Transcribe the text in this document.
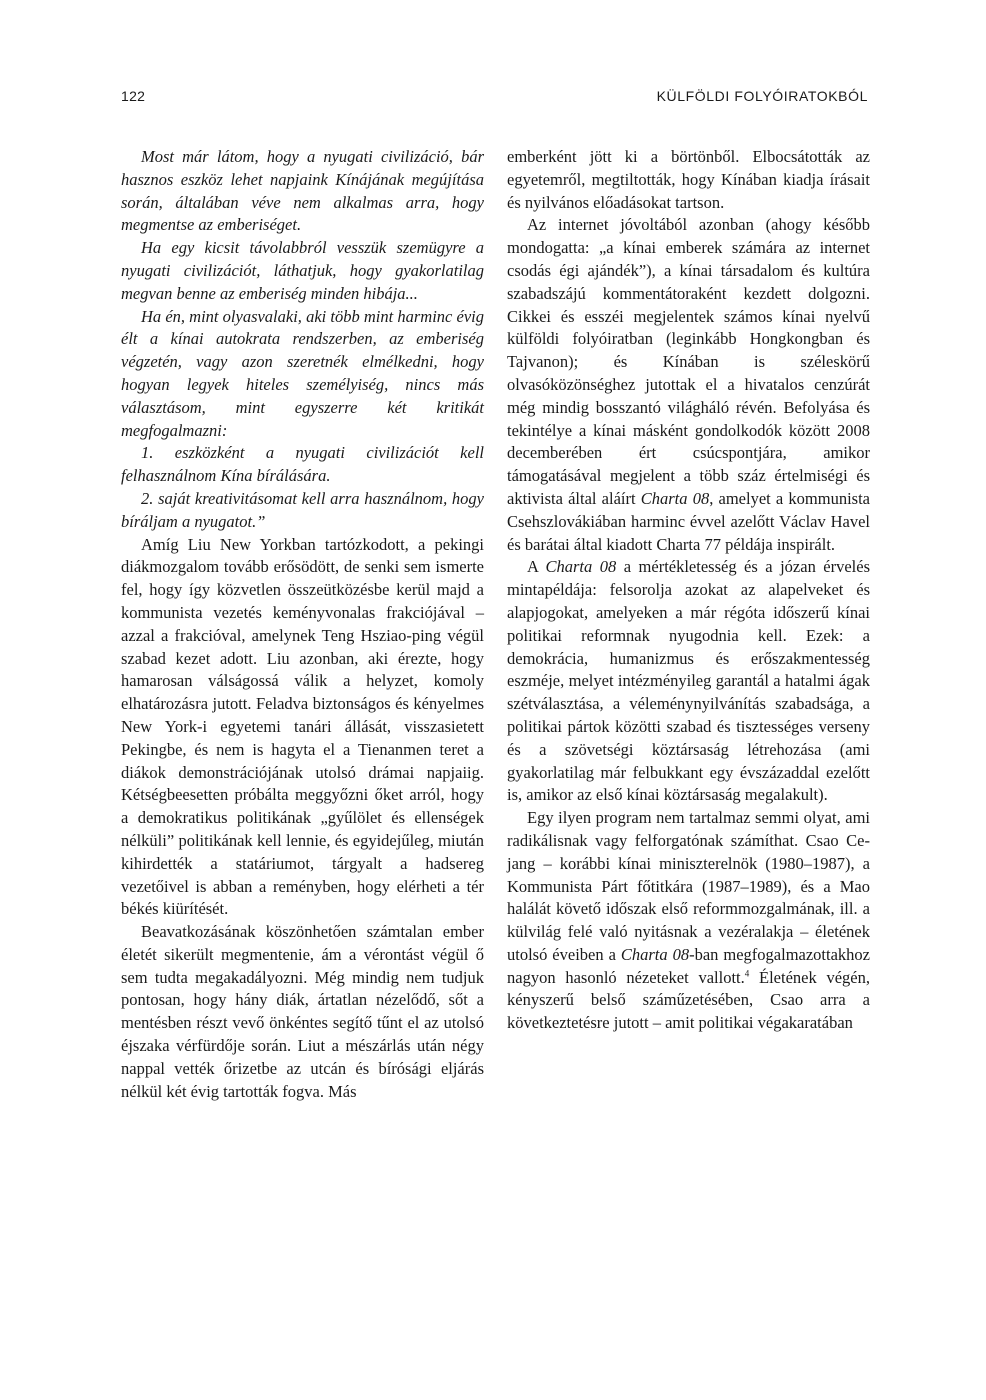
122	KÜLFÖLDI FOLYÓIRATOKBÓL

Most már látom, hogy a nyugati civilizáció, bár hasznos eszköz lehet napjaink Kínájának megújítása során, általában véve nem alkalmas arra, hogy megmentse az emberiséget.

Ha egy kicsit távolabbról vesszük szemügyre a nyugati civilizációt, láthatjuk, hogy gyakorlatilag megvan benne az emberiség minden hibája...

Ha én, mint olyasvalaki, aki több mint harminc évig élt a kínai autokrata rendszerben, az emberiség végzetén, vagy azon szeretnék elmélkedni, hogy hogyan legyek hiteles személyiség, nincs más választásom, mint egyszerre két kritikát megfogalmazni:

1. eszközként a nyugati civilizációt kell felhasználnom Kína bírálására.

2. saját kreativitásomat kell arra használnom, hogy bíráljam a nyugatot.”

Amíg Liu New Yorkban tartózkodott, a pekingi diákmozgalom tovább erősödött, de senki sem ismerte fel, hogy így közvetlen összeütközésbe kerül majd a kommunista vezetés keményvonalas frakciójával – azzal a frakcióval, amelynek Teng Hsziao-ping végül szabad kezet adott. Liu azonban, aki érezte, hogy hamarosan válságossá válik a helyzet, komoly elhatározásra jutott. Feladva biztonságos és kényelmes New York-i egyetemi tanári állását, visszasietett Pekingbe, és nem is hagyta el a Tienanmen teret a diákok demonstrációjának utolsó drámai napjaiig. Kétségbeesetten próbálta meggyőzni őket arról, hogy a demokratikus politikának „gyűlölet és ellenségek nélküli” politikának kell lennie, és egyidejűleg, miután kihirdették a statáriumot, tárgyalt a hadsereg vezetőivel is abban a reményben, hogy elérheti a tér békés kiürítését.

Beavatkozásának köszönhetően számtalan ember életét sikerült megmentenie, ám a vérontást végül ő sem tudta megakadályozni. Még mindig nem tudjuk pontosan, hogy hány diák, ártatlan nézelődő, sőt a mentésben részt vevő önkéntes segítő tűnt el az utolsó éjszaka vérfürdője során. Liut a mészárlás után négy nappal vették őrizetbe az utcán és bírósági eljárás nélkül két évig tartották fogva. Más

emberként jött ki a börtönből. Elbocsátották az egyetemről, megtiltották, hogy Kínában kiadja írásait és nyilvános előadásokat tartson.

Az internet jóvoltából azonban (ahogy később mondogatta: „a kínai emberek számára az internet csodás égi ajándék”), a kínai társadalom és kultúra szabadszájú kommentátoraként kezdett dolgozni. Cikkei és esszéi megjelentek számos kínai nyelvű külföldi folyóiratban (leginkább Hongkongban és Tajvanon); és Kínában is széleskörű olvasóközönséghez jutottak el a hivatalos cenzúrát még mindig bosszantó világháló révén. Befolyása és tekintélye a kínai másként gondolkodók között 2008 decemberében ért csúcspontjára, amikor támogatásával megjelent a több száz értelmiségi és aktivista által aláírt Charta 08, amelyet a kommunista Csehszlovákiában harminc évvel azelőtt Václav Havel és barátai által kiadott Charta 77 példája inspirált.

A Charta 08 a mértékletesség és a józan érvelés mintapéldája: felsorolja azokat az alapelveket és alapjogokat, amelyeken a már régóta időszerű kínai politikai reformnak nyugodnia kell. Ezek: a demokrácia, humanizmus és erőszakmentesség eszméje, melyet intézményileg garantál a hatalmi ágak szétválasztása, a véleménynyilvánítás szabadsága, a politikai pártok közötti szabad és tisztességes verseny és a szövetségi köztársaság létrehozása (ami gyakorlatilag már felbukkant egy évszázaddal ezelőtt is, amikor az első kínai köztársaság megalakult).

Egy ilyen program nem tartalmaz semmi olyat, ami radikálisnak vagy felforgatónak számíthat. Csao Ce-jang – korábbi kínai miniszterelnök (1980–1987), a Kommunista Párt főtitkára (1987–1989), és a Mao halálát követő időszak első reformmozgalmának, ill. a külvilág felé való nyitásnak a vezéralakja – életének utolsó éveiben a Charta 08-ban megfogalmazottakhoz nagyon hasonló nézeteket vallott.$^4$ Életének végén, kényszerű belső száműzetésében, Csao arra a következtetésre jutott – amit politikai végakaratában
